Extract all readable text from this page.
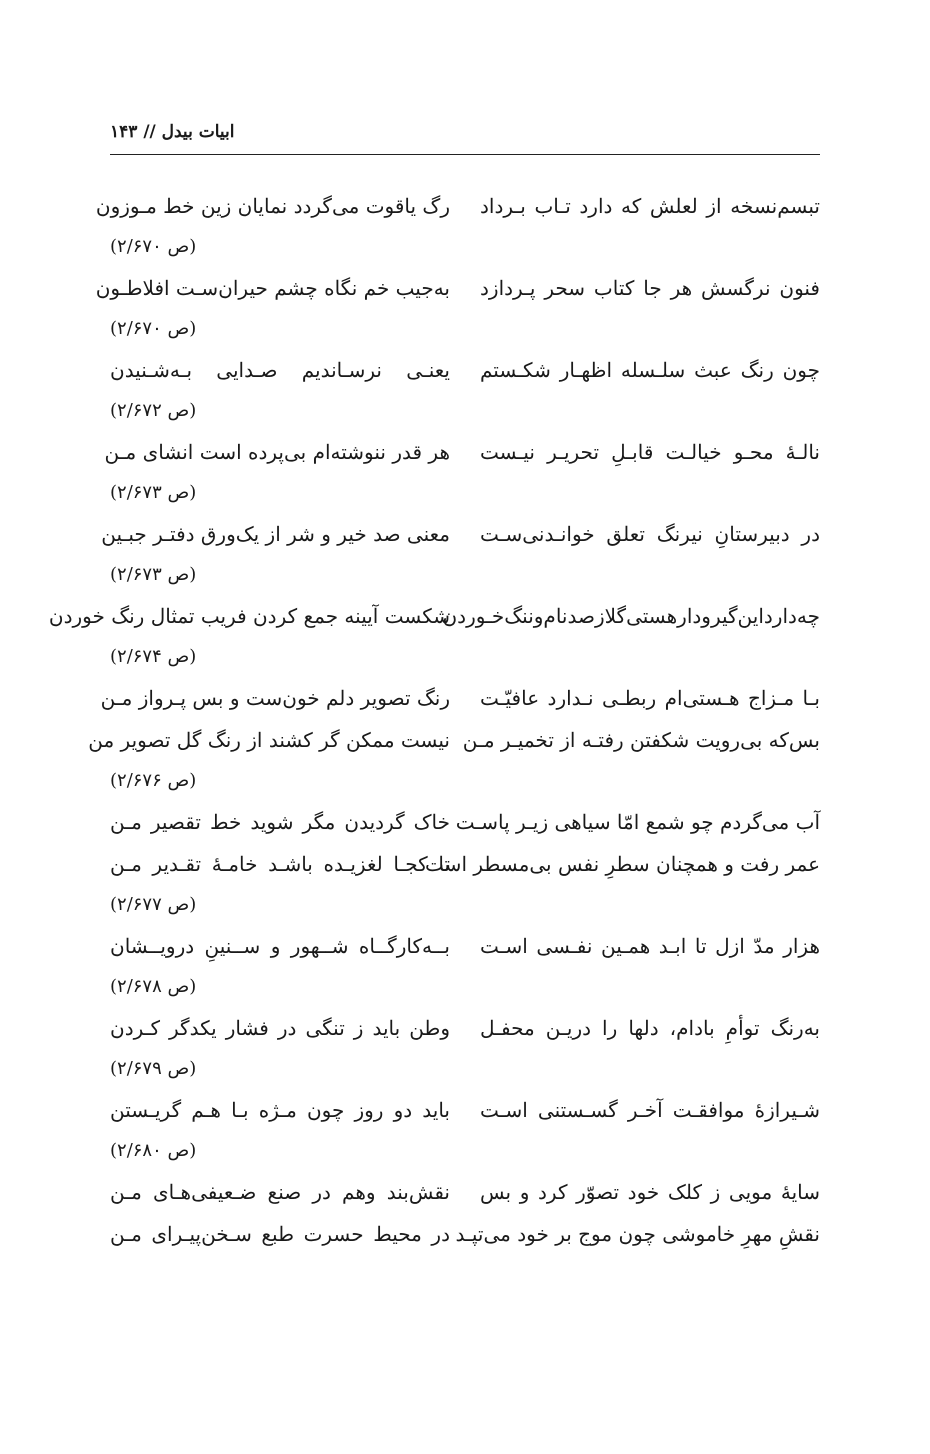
ابیات بیدل // ۱۴۳
تبسم‌نسخه از لعلش که دارد تـاب بـرداد
رگ یاقوت می‌گردد نمایان زین خط مـوزون
(ص ۲/۶۷۰)
فنون نرگسش هر جا کتاب سحر پـردازد
به‌جیب خم نگاه چشم حیران‌سـت افلاطـون
(ص ۲/۶۷۰)
چون رنگ عبث سلـسله اظهـار شکـستم
یعنـی نرسـاندیم صـدایی بـه‌شـنیدن
(ص ۲/۶۷۲)
نالـهٔ محـو خیالـت قابـلِ تحریـر نیـست
هر قدر ننوشته‌ام بی‌پرده است انشای مـن
(ص ۲/۶۷۳)
در دبیرستانِ نیرنگ تعلق خوانـدنی‌سـت
معنی صد خیر و شر از یک‌ورق دفتـر جبـین
(ص ۲/۶۷۳)
چه‌دارداین‌گیرودارهستی‌گلازصدنام‌وننگ‌خـوردن
شکست آیینه جمع کردن فریب تمثال رنگ خوردن
(ص ۲/۶۷۴)
بـا مـزاج هـستی‌ام ربطـی نـدارد عافیّـت
رنگ تصویر دلم خون‌ست و بس پـرواز مـن
بس‌که بی‌رویت شکفتن رفتـه از تخمیـر مـن
نیست ممکن گر کشند از رنگ گل تصویر من
(ص ۲/۶۷۶)
آب می‌گردم چو شمع امّا سیاهی زیـر پاسـت
خاک گردیدن مگر شوید خط تقصیر مـن
عمر رفت و همچنان سطرِ نفس بی‌مسطر است
تا کجـا لغزیـده باشـد خامـهٔ تقـدیر مـن
(ص ۲/۶۷۷)
هزار مدّ ازل تا ابـد همـین نفـسی اسـت
بــه‌کارگــاه شــهور و ســنینِ درویــشان
(ص ۲/۶۷۸)
به‌رنگ توأمِ بادام، دلها را دریـن محفـل
وطن باید ز تنگی در فشار یکدگر کـردن
(ص ۲/۶۷۹)
شـیرازهٔ موافقـت آخـر گسـستنی اسـت
باید دو روز چون مـژه بـا هـم گریـستن
(ص ۲/۶۸۰)
سایهٔ مویی ز کلک خود تصوّر کرد و بس
نقش‌بند وهم در صنع ضـعیفی‌هـای مـن
نقشِ مهرِ خاموشی چون موج بر خود می‌تپـد
در محیط حسرت طبع سـخن‌پیـرای مـن
